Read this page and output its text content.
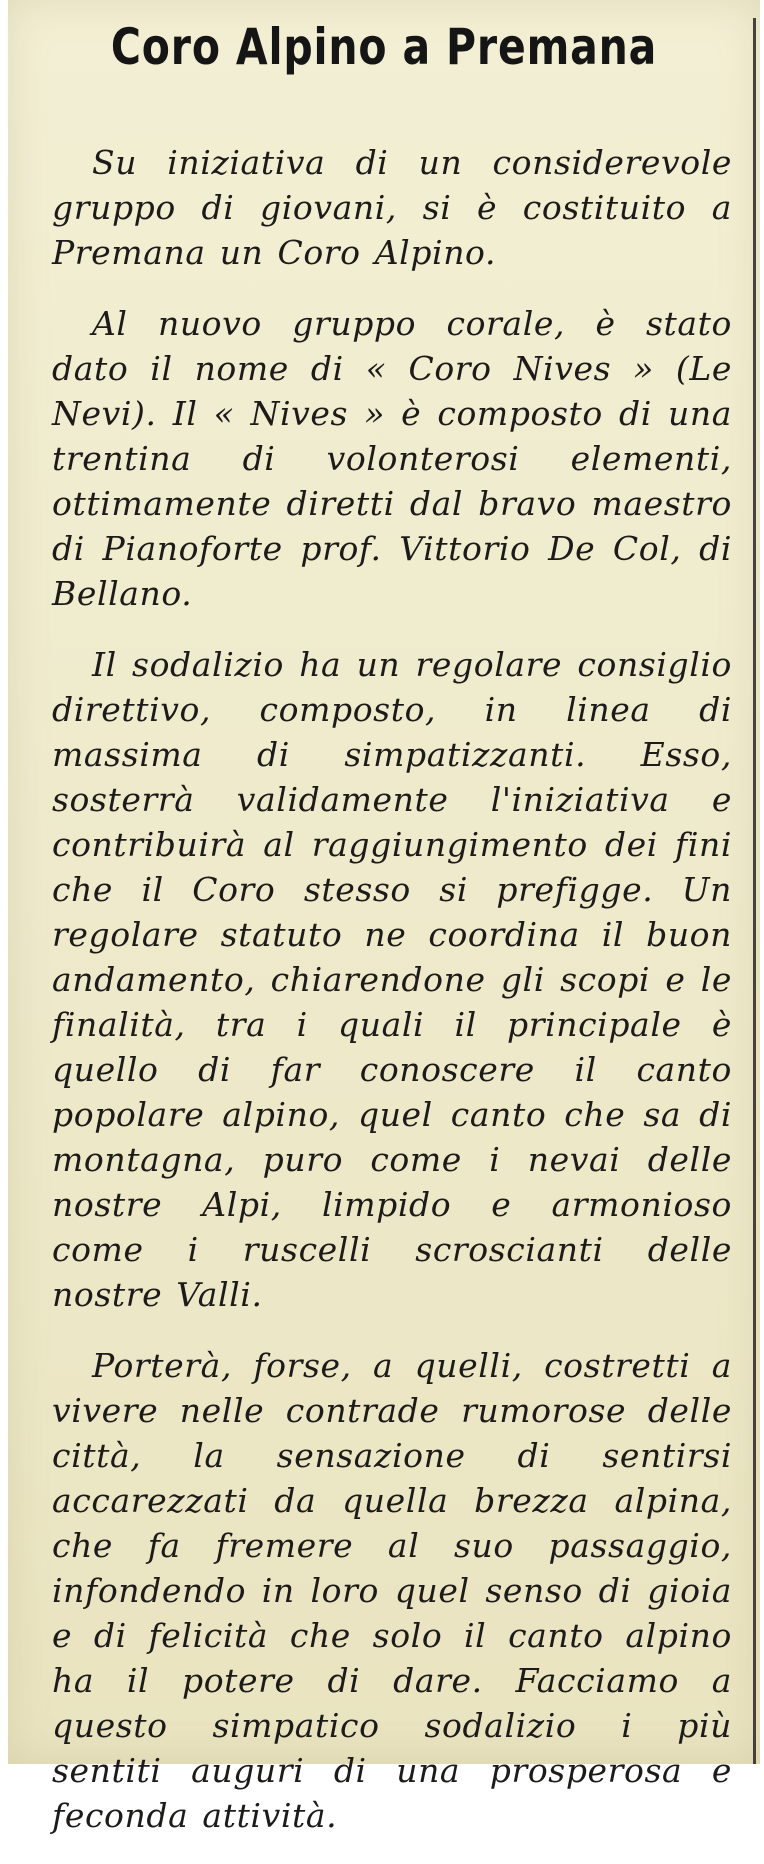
Coro Alpino a Premana

Su iniziativa di un considerevole gruppo di giovani, si è costituito a Premana un Coro Alpino.

Al nuovo gruppo corale, è stato dato il nome di « Coro Nives » (Le Nevi). Il « Nives » è composto di una trentina di volonterosi elementi, ottimamente diretti dal bravo maestro di Pianoforte prof. Vittorio De Col, di Bellano.

Il sodalizio ha un regolare consiglio direttivo, composto, in linea di massima di simpatizzanti. Esso, sosterrà validamente l'iniziativa e contribuirà al raggiungimento dei fini che il Coro stesso si prefigge. Un regolare statuto ne coordina il buon andamento, chiarendone gli scopi e le finalità, tra i quali il principale è quello di far conoscere il canto popolare alpino, quel canto che sa di montagna, puro come i nevai delle nostre Alpi, limpido e armonioso come i ruscelli scroscianti delle nostre Valli.

Porterà, forse, a quelli, costretti a vivere nelle contrade rumorose delle città, la sensazione di sentirsi accarezzati da quella brezza alpina, che fa fremere al suo passaggio, infondendo in loro quel senso di gioia e di felicità che solo il canto alpino ha il potere di dare. Facciamo a questo simpatico sodalizio i più sentiti auguri di una prosperosa e feconda attività.
